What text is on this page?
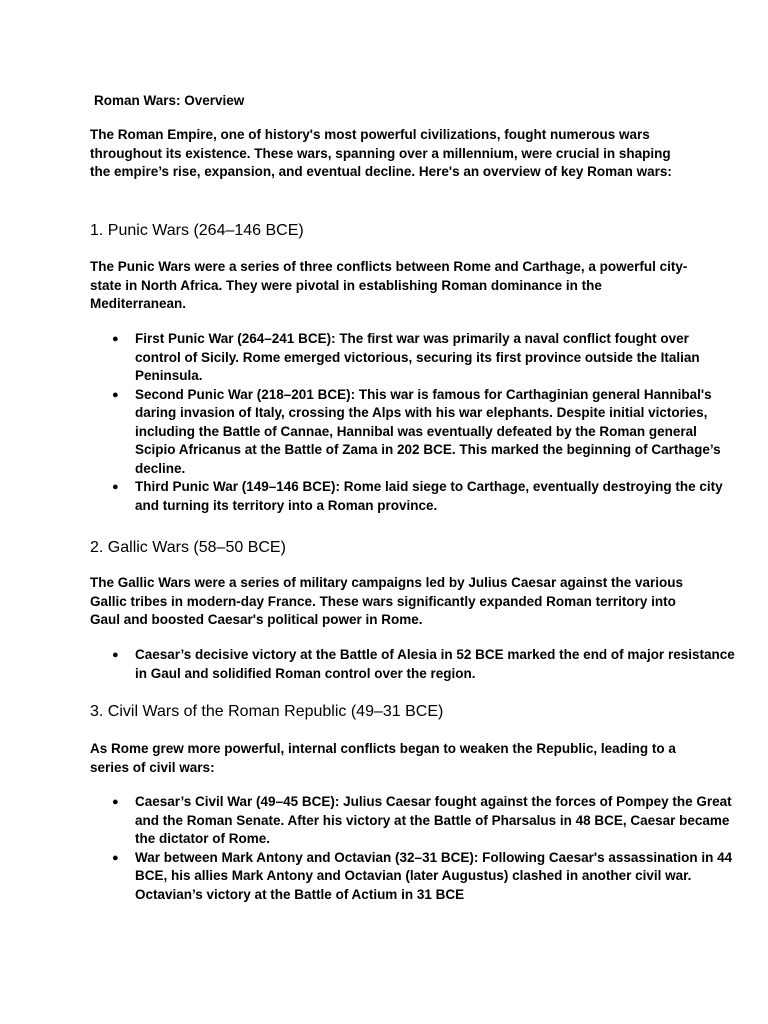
Roman Wars: Overview

The Roman Empire, one of history's most powerful civilizations, fought numerous wars throughout its existence. These wars, spanning over a millennium, were crucial in shaping the empire’s rise, expansion, and eventual decline. Here's an overview of key Roman wars:

1. Punic Wars (264–146 BCE)

The Punic Wars were a series of three conflicts between Rome and Carthage, a powerful city-state in North Africa. They were pivotal in establishing Roman dominance in the Mediterranean.

● First Punic War (264–241 BCE): The first war was primarily a naval conflict fought over control of Sicily. Rome emerged victorious, securing its first province outside the Italian Peninsula.
● Second Punic War (218–201 BCE): This war is famous for Carthaginian general Hannibal's daring invasion of Italy, crossing the Alps with his war elephants. Despite initial victories, including the Battle of Cannae, Hannibal was eventually defeated by the Roman general Scipio Africanus at the Battle of Zama in 202 BCE. This marked the beginning of Carthage’s decline.
● Third Punic War (149–146 BCE): Rome laid siege to Carthage, eventually destroying the city and turning its territory into a Roman province.
2. Gallic Wars (58–50 BCE)

The Gallic Wars were a series of military campaigns led by Julius Caesar against the various Gallic tribes in modern-day France. These wars significantly expanded Roman territory into Gaul and boosted Caesar's political power in Rome.

● Caesar’s decisive victory at the Battle of Alesia in 52 BCE marked the end of major resistance in Gaul and solidified Roman control over the region.
3. Civil Wars of the Roman Republic (49–31 BCE)

As Rome grew more powerful, internal conflicts began to weaken the Republic, leading to a series of civil wars:

● Caesar’s Civil War (49–45 BCE): Julius Caesar fought against the forces of Pompey the Great and the Roman Senate. After his victory at the Battle of Pharsalus in 48 BCE, Caesar became the dictator of Rome.
● War between Mark Antony and Octavian (32–31 BCE): Following Caesar's assassination in 44 BCE, his allies Mark Antony and Octavian (later Augustus) clashed in another civil war. Octavian’s victory at the Battle of Actium in 31 BCE
